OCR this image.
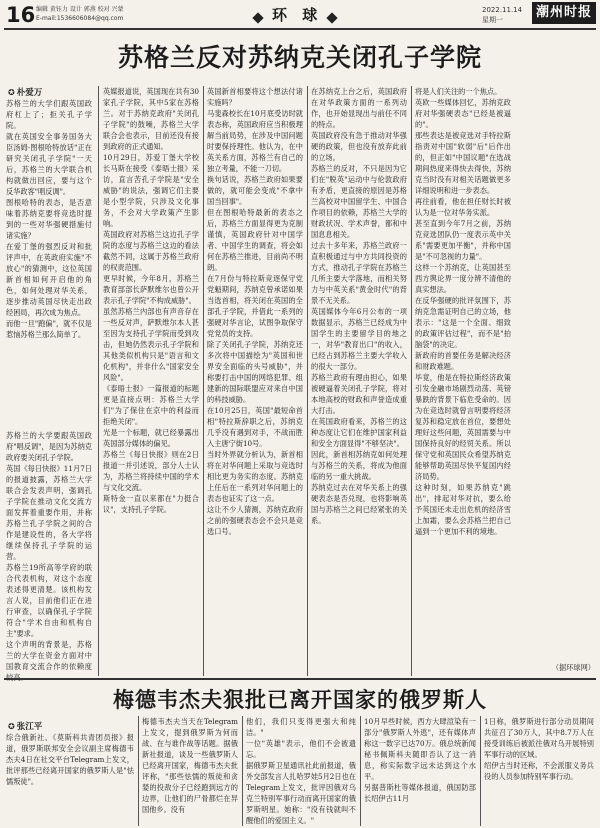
16 编辑 黄钰力 设计 郭燕 校对 兴蒙
E-mail:1536606084@qq.com	环 球	2022.11.14
星期一	潮州时报
苏格兰反对苏纳克关闭孔子学院
✪ 朴爱万
苏格兰的大学们跟英国政府杠上了；拒关孔子学院。
就在英国安全事务国务大臣汤姆·图根哈特放话"正在研究关闭孔子学院"一天后，苏格兰的大学联合机构就做出回应，要与这个反华政客"唱反调"。
图根哈特的表态，是否意味着苏纳克要将竞选时提到的一些对华强硬措施付诸实施？
在爱丁堡的强烈反对和批评声中，在英政府实施"不放心"的猜测中，这位英国新首相如何开启他的角色，如何处理对华关系，逐步推动英国尽快走出政经困局，再次成为焦点。
而他一旦"跑偏"，就不仅是惹恼苏格兰那么简单了。
苏格兰的大学要跟英国政府"唱反调"，是因为苏纳克政府要关闭孔子学院。
英国《每日快报》11月7日的报道披露，苏格兰大学联合会发表声明，强调孔子学院在推动文化交流方面发挥着重要作用，并称苏格兰孔子学院之间的合作是建设性的，各大学将继续保持孔子学院的运营。
苏格兰19所高等学府的联合代表机构，对这个态度表述得更清楚。该机构发言人说，目前他们正在进行审查，以确保孔子学院符合"学术自由和机构自主"要求。
这个声明的背景是，苏格兰的大学在资金方面对中国教育交流合作的依赖度
英媒报道说，英国现在共有30家孔子学院，其中5家在苏格兰。对于苏纳克政府"关闭孔子学院"的鼓噪，苏格兰大学联合会也表示，目前还没有接到政府的正式通知。
10月29日，苏爱丁堡大学校长马斯在接受《泰晤士报》采访，直言苦孔子学院是"安全威胁"的说法，强调它们主要是小型学院，只涉及文化事务，不会对大学政策产生影响。
英国政府对苏格兰这边孔子学院的态度与苏格兰这边的看法截然不同，这属于苏格兰政府的权责范围。
更早时候，今年8月，苏格兰教育部部长萨默维尔也曾公开表示孔子学院"不构成威胁"。
虽然苏格兰内部也有声音存在一些反对声，萨默维尔本人甚至因为支持孔子学院而受到攻击，但她仍然表示孔子学院和其他类似机构只是"语言和文化机构"，并非什么"国家安全风险"。
《泰晤士报》一篇报道的标题更是直接点明：苏格兰大学们"为了保住在京中的利益而拒绝关闭"。
光是一个标题，就已经暴露出英国部分媒体的偏见。
苏格兰《每日快报》则在2日报道一并引述说，部分人士认为，苏格兰将持续中国的学术与文化交流。
斯特金一直以来都在"力挺合议"，支持孔子学院。
英国新首相要将这个想法付诸实施吗？
马斐森校长在10月底受访时就表态称，英国政府应当积极理解当前局势，在涉及中国问题时要保持理性。他认为，在中英关系方面，苏格兰有自己的独立考量，不能一刀切。
换句话说，苏格兰政府如果要做的，就可能会变成"不拿中国当回事"。
但在图根哈特最新的表态之后，苏格兰方面显得更为克制谨慎，英国政府针对中国学者、中国学生的调查，将会如何在苏格兰推进，目前尚不明朗。
在7月份与特拉斯竞逐保守党党魁期间，苏纳克曾承诺如果当选首相，将关闭在英国的全部孔子学院，并借此一系列的强硬对华言论，试图争取保守党党员的支持。
除了关闭孔子学院，苏纳克还多次将中国描绘为"英国和世界安全面临的头号威胁"，并称要打击中国的网络犯罪、组建新的国际联盟应对来自中国的科技威胁。
在10月25日，英国"最短命首相"特拉斯辞职之后，苏纳克几乎没有遇到对手，不战而胜入主唐宁街10号。
当时外界就分析认为，新首相将在对华问题上采取与竞选时相比更为务实的态度。苏纳克上任后在一系列对华问题上的表态也证实了这一点。
这让不少人猜测，苏纳克政府之前的强硬表态会不会只是竞选口号。
在苏纳克上台之后，英国政府在对华政策方面的一系列动作，也开始显现出与前任不同的特点。
英国政府没有急于推动对华强硬的政策，但也没有放弃此前的立场。
苏格兰的反对，不只是因为它们在"脱英"运动中与伦敦政府有矛盾，更直接的原因是苏格兰高校对中国留学生、中国合作项目的依赖，苏格兰大学的财政状况、学术声誉，都和中国息息相关。
过去十多年来，苏格兰政府一直积极通过与中方共同投资的方式，推动孔子学院在苏格兰几所主要大学落地，而相关努力与中英关系"黄金时代"的背景不无关系。
英国媒体今年6月公布的一项数据显示，苏格兰已经成为中国学生的主要留学目的地之一，对华"教育出口"的收入，已经占到苏格兰主要大学收入的很大一部分。
苏格兰政府有理由担心，如果被硬逼着关闭孔子学院，将对本地高校的财政和声誉造成重大打击。
在英国政府看来，苏格兰的这种态度让它们在维护国家利益和安全方面显得"不够坚决"。
因此，新首相苏纳克如何处理与苏格兰的关系，将成为他面临的另一重大挑战。
苏纳克过去在对华关系上的强硬表态是否兑现，也将影响英国与苏格兰之间已经紧张的关系。
将是人们关注的一个焦点。
英欧一些媒体回忆，苏纳克政府对华强硬表态"已经是被逼的"。
那些表达是被竞选对手特拉斯指责对中国"软弱"后"后作出的，但正如"中国议题"在选战期间热度来得快去得快，苏纳克当时没有对相关话题做更多详细说明和进一步表态。
再往前看，他在担任财长时被认为是一位对华务实派。
甚至直到今年7月之前，苏纳克竞选团队仍一度表示英中关系"需要更加平衡"，并称中国是"不可忽视的力量"。
这样一个苏纳克，让英国甚至西方舆论界一度分辨不清他的真实想法。
在反华强硬的批评氛围下，苏纳克急需证明自己的立场，他表示："这是一个全面、细致的政策评估过程"，而不是"拍脑袋"的决定。
新政府的首要任务是解决经济和财政难题。
毕竟，他是在特拉斯经济政策引发金融市场剧烈动荡、英镑暴跌的背景下临危受命的。因为在竞选时就曾言明要将经济复苏和稳定放在首位，要想处理好这些问题，英国需要与中国保持良好的经贸关系。所以保守党和英国民众希望苏纳克能够帮助英国尽快平复国内经济局势。
这种时刻，如果苏纳克"跳出"，排起对华对抗，要么给予英国还未走出危机的经济雪上加霜，要么会苏格兰把自己逼到一个更加不利的境地。
（据环球网）
梅德韦杰夫狠批已离开国家的俄罗斯人
✪ 张江平
综合俄新社、《莫斯科共青团员报》报道，俄罗斯联邦安全会议副主席梅德韦杰夫4日在社交平台Telegram上发文，批评那些已经离开国家的俄罗斯人是"怯懦叛徒"。
梅德韦杰夫当天在Telegram上发文，提到俄罗斯为何而战、在与谁作战等话题。据俄新社报道，谈及一些俄罗斯人已经离开国家，梅德韦杰夫批评称，"那些怯懦的叛徒和贪婪的投敌分子已经跑到远方的边界，让他们的尸骨都烂在异国他乡。没有
他们，我们只变得更强大和纯洁。"
一位"英雄"表示，他们不会被遗忘。
据俄罗斯卫星通讯社此前报道，俄外交部发言人扎哈罗娃5月2日也在Telegram上发文，批评因俄对乌克兰特别军事行动而离开国家的俄罗斯明星。她称："没有钱就叫不醒他们的爱国主义。"
10月早些时候，西方大肆渲染有一部分"俄罗斯人外逃"，还有媒体声称这一数字已达70万。俄总统新闻秘书佩斯科夫随即否认了这一消息，称实际数字远未达到这个水平。
另据普斯杜等媒体报道，俄国防部长绍伊古11月
1日称，俄罗斯进行部分动员期间共征召了30万人，其中8.7万人在接受训练后被派往俄对乌开展特别军事行动的区域。
绍伊古当时还称，不会派服义务兵役的人员参加特别军事行动。
